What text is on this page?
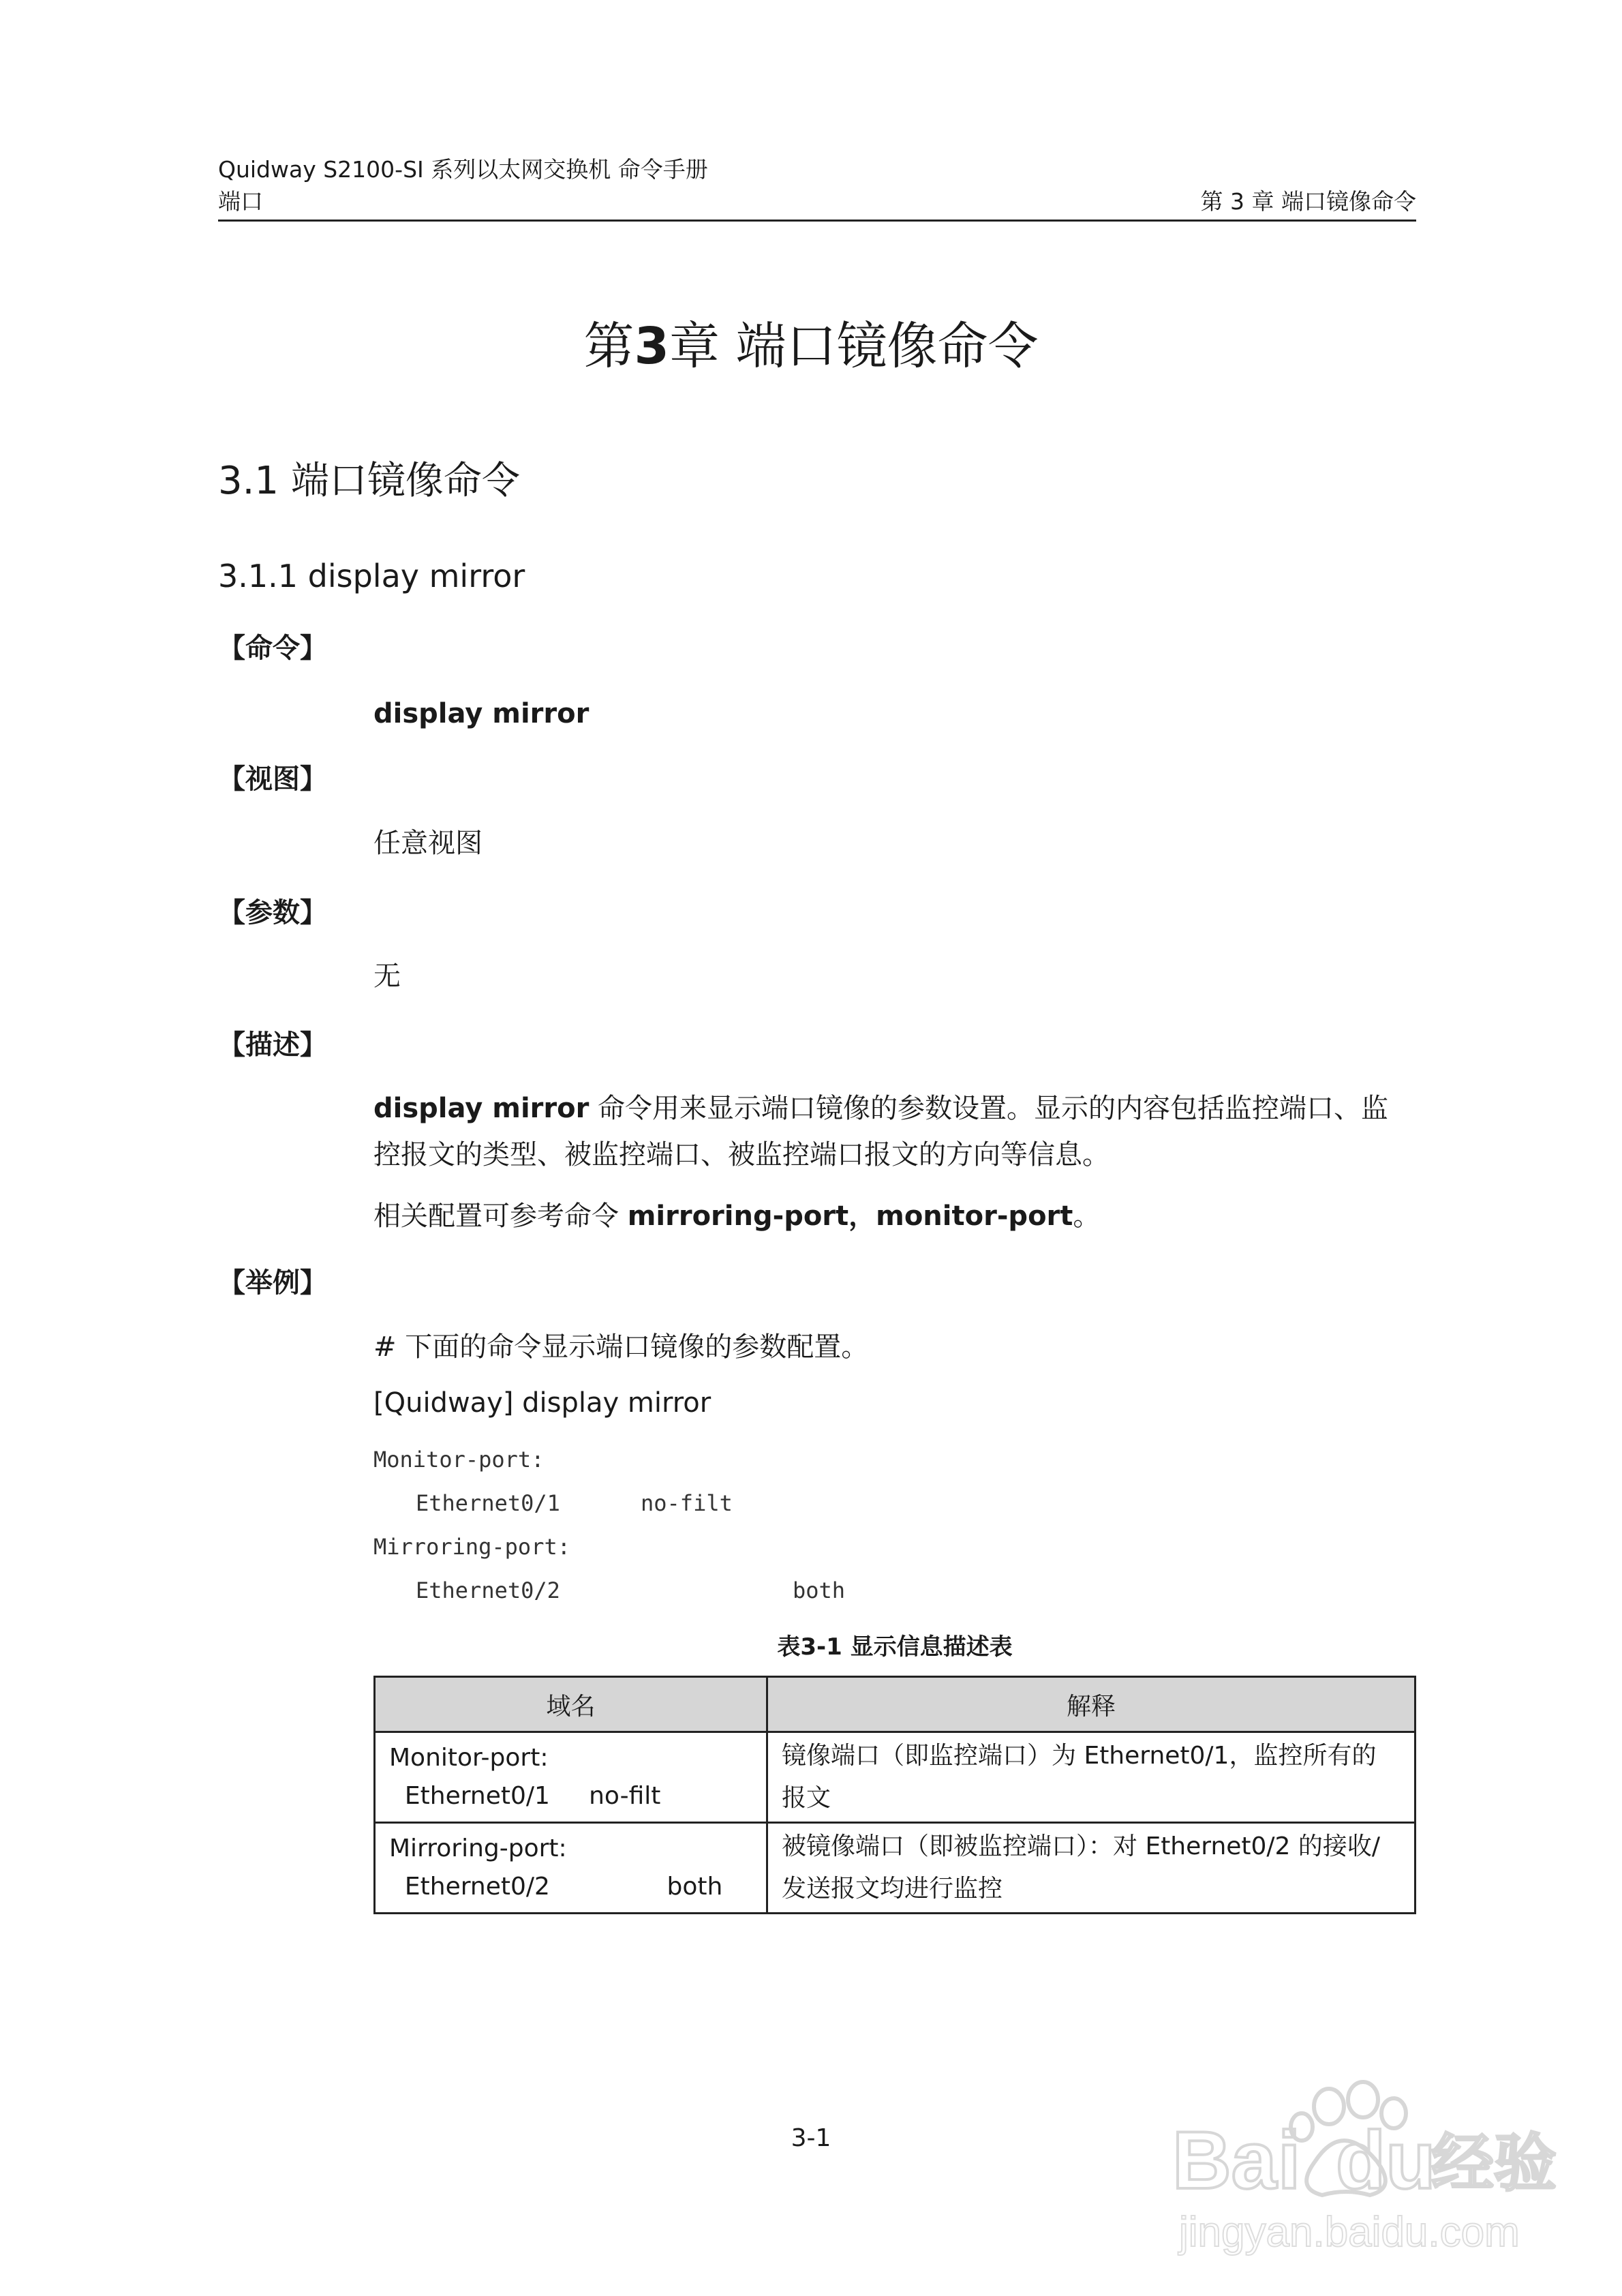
Quidway S2100-SI 系列以太网交换机 命令手册
端口	第 3 章 端口镜像命令
第3章 端口镜像命令
3.1 端口镜像命令
3.1.1 display mirror
【命令】
display mirror
【视图】
任意视图
【参数】
无
【描述】
display mirror 命令用来显示端口镜像的参数设置。显示的内容包括监控端口、监
控报文的类型、被监控端口、被监控端口报文的方向等信息。
相关配置可参考命令 mirroring-port，monitor-port。
【举例】
# 下面的命令显示端口镜像的参数配置。
[Quidway] display mirror
Monitor-port:
Ethernet0/1	no-filt
Mirroring-port:
Ethernet0/2	both
表3-1 显示信息描述表
域名	解释

Monitor-port:
Ethernet0/1     no-filt	镜像端口（即监控端口）为 Ethernet0/1，监控所有的报文

Mirroring-port:
Ethernet0/2               both	被镜像端口（即被监控端口）：对 Ethernet0/2 的接收/发送报文均进行监控
3-1	Ba i du
经验
jingyan.baidu.com
